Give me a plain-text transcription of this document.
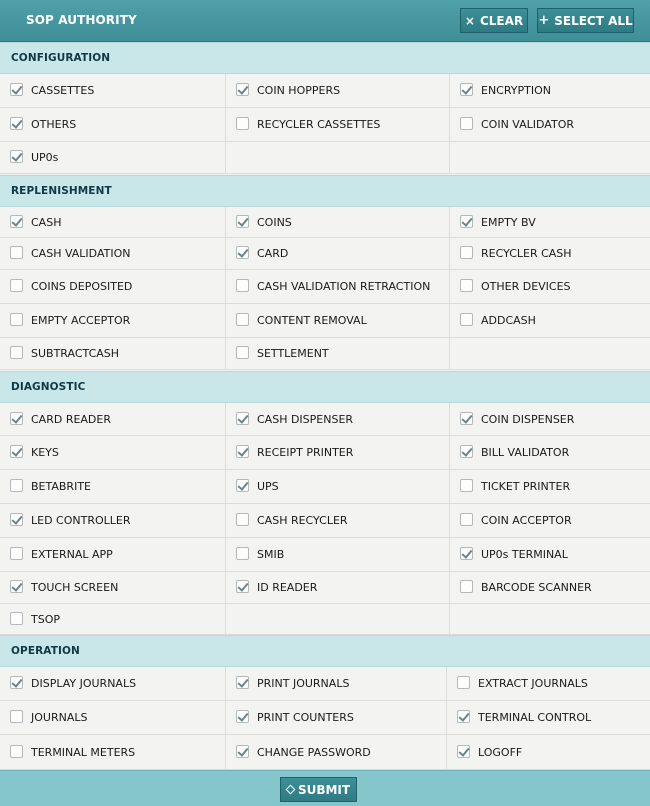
SOP AUTHORITY	× CLEAR + SELECT ALL
CONFIGURATION
CASSETTES	COIN HOPPERS	ENCRYPTION
OTHERS	RECYCLER CASSETTES	COIN VALIDATOR
UP0s
REPLENISHMENT
CASH	COINS	EMPTY BV
CASH VALIDATION	CARD	RECYCLER CASH
COINS DEPOSITED	CASH VALIDATION RETRACTION	OTHER DEVICES
EMPTY ACCEPTOR	CONTENT REMOVAL	ADDCASH
SUBTRACTCASH	SETTLEMENT
DIAGNOSTIC
CARD READER	CASH DISPENSER	COIN DISPENSER
KEYS	RECEIPT PRINTER	BILL VALIDATOR
BETABRITE	UPS	TICKET PRINTER
LED CONTROLLER	CASH RECYCLER	COIN ACCEPTOR
EXTERNAL APP	SMIB	UP0s TERMINAL
TOUCH SCREEN	ID READER	BARCODE SCANNER
TSOP
OPERATION
DISPLAY JOURNALS	PRINT JOURNALS	EXTRACT JOURNALS
JOURNALS	PRINT COUNTERS	TERMINAL CONTROL
TERMINAL METERS	CHANGE PASSWORD	LOGOFF
SUBMIT
